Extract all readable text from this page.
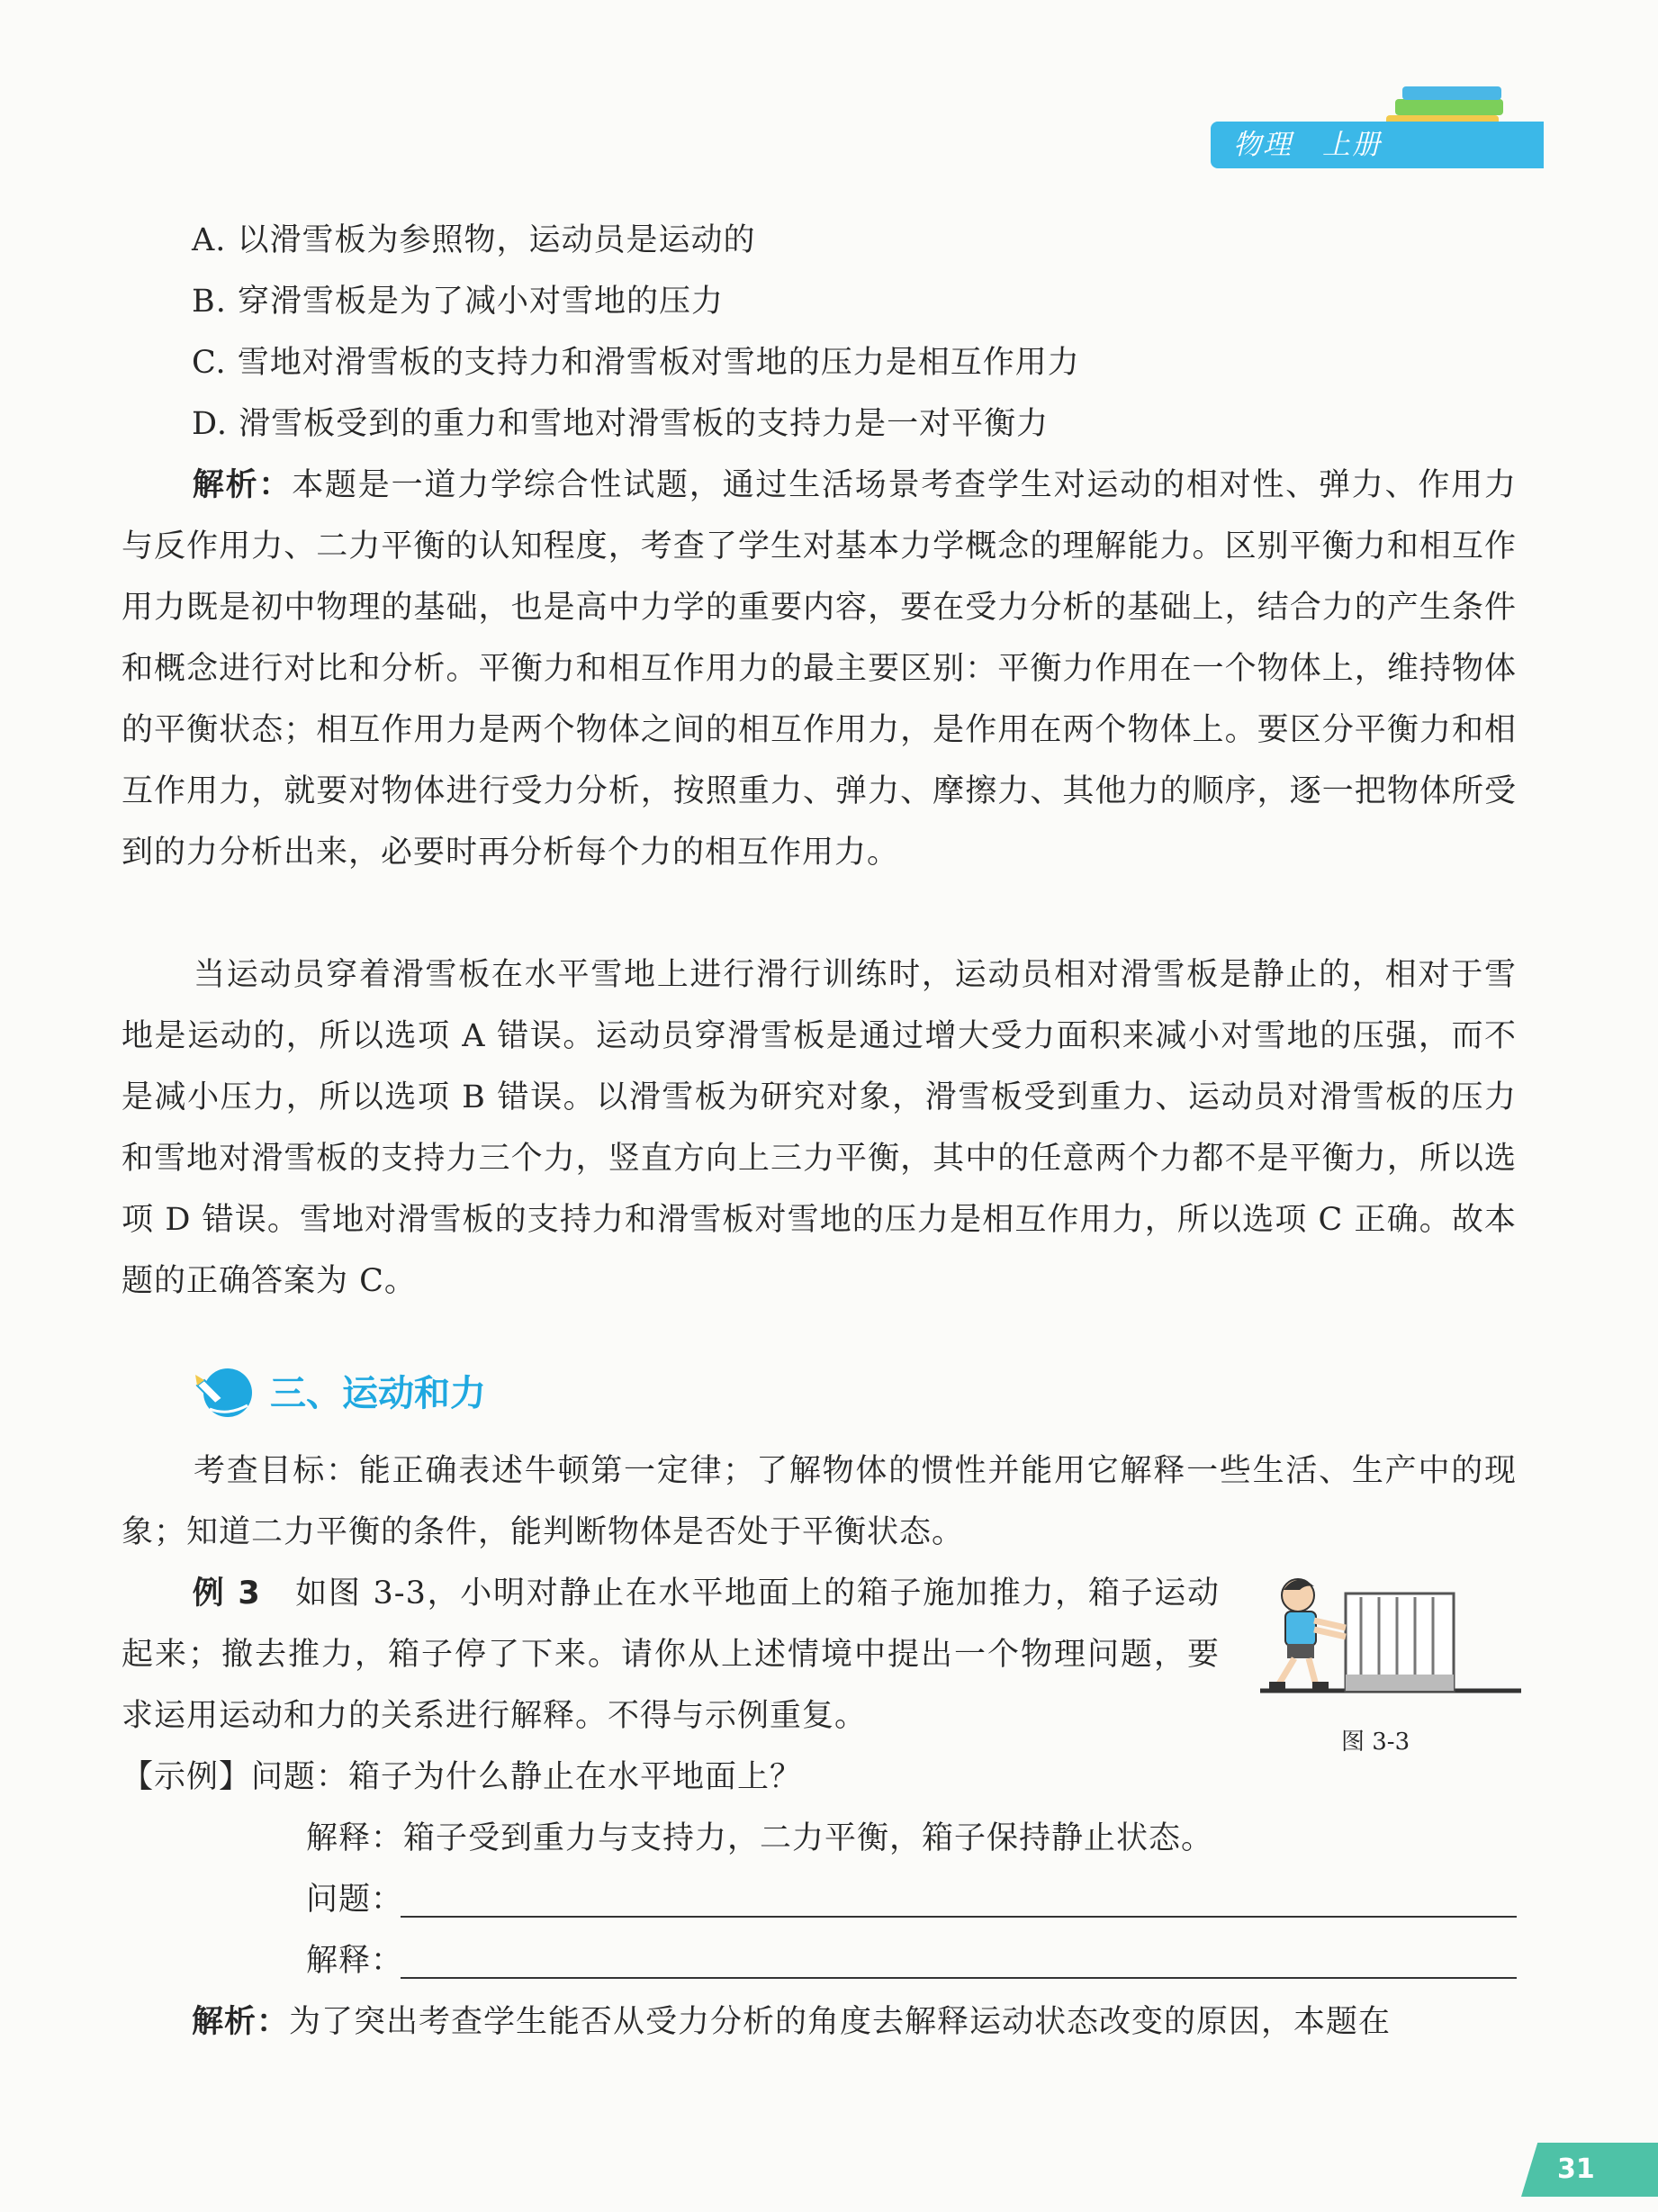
物理　上册
A. 以滑雪板为参照物，运动员是运动的
B. 穿滑雪板是为了减小对雪地的压力
C. 雪地对滑雪板的支持力和滑雪板对雪地的压力是相互作用力
D. 滑雪板受到的重力和雪地对滑雪板的支持力是一对平衡力
解析：本题是一道力学综合性试题，通过生活场景考查学生对运动的相对性、弹力、作用力与反作用力、二力平衡的认知程度，考查了学生对基本力学概念的理解能力。区别平衡力和相互作用力既是初中物理的基础，也是高中力学的重要内容，要在受力分析的基础上，结合力的产生条件和概念进行对比和分析。平衡力和相互作用力的最主要区别：平衡力作用在一个物体上，维持物体的平衡状态；相互作用力是两个物体之间的相互作用力，是作用在两个物体上。要区分平衡力和相互作用力，就要对物体进行受力分析，按照重力、弹力、摩擦力、其他力的顺序，逐一把物体所受到的力分析出来，必要时再分析每个力的相互作用力。
当运动员穿着滑雪板在水平雪地上进行滑行训练时，运动员相对滑雪板是静止的，相对于雪地是运动的，所以选项 A 错误。运动员穿滑雪板是通过增大受力面积来减小对雪地的压强，而不是减小压力，所以选项 B 错误。以滑雪板为研究对象，滑雪板受到重力、运动员对滑雪板的压力和雪地对滑雪板的支持力三个力，竖直方向上三力平衡，其中的任意两个力都不是平衡力，所以选项 D 错误。雪地对滑雪板的支持力和滑雪板对雪地的压力是相互作用力，所以选项 C 正确。故本题的正确答案为 C。
三、运动和力
考查目标：能正确表述牛顿第一定律；了解物体的惯性并能用它解释一些生活、生产中的现象；知道二力平衡的条件，能判断物体是否处于平衡状态。
例 3 如图 3-3，小明对静止在水平地面上的箱子施加推力，箱子运动起来；撤去推力，箱子停了下来。请你从上述情境中提出一个物理问题，要求运用运动和力的关系进行解释。不得与示例重复。
图 3-3
【示例】问题：箱子为什么静止在水平地面上？
解释：箱子受到重力与支持力，二力平衡，箱子保持静止状态。
问题：
解释：
解析：为了突出考查学生能否从受力分析的角度去解释运动状态改变的原因，本题在
31
